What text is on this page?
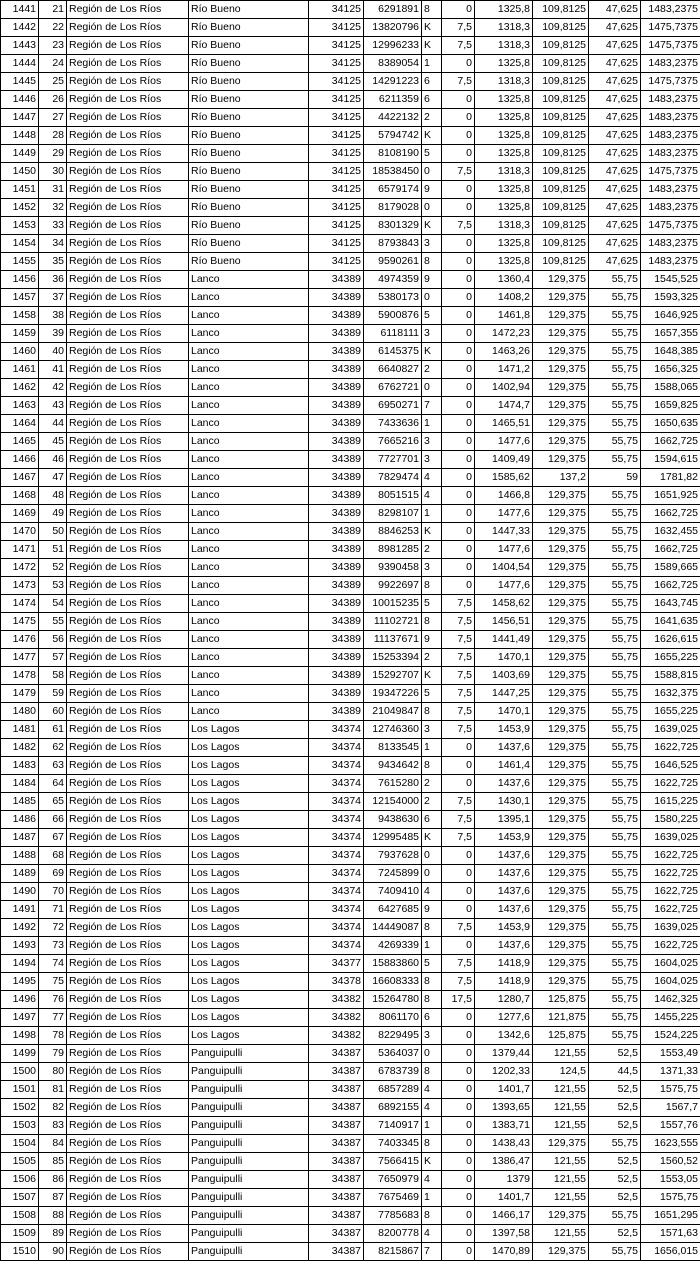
1441	21	Región de Los Ríos	Río Bueno	34125	6291891	8	0	1325,8	109,8125	47,625	1483,2375
1442	22	Región de Los Ríos	Río Bueno	34125	13820796	K	7,5	1318,3	109,8125	47,625	1475,7375
1443	23	Región de Los Ríos	Río Bueno	34125	12996233	K	7,5	1318,3	109,8125	47,625	1475,7375
1444	24	Región de Los Ríos	Río Bueno	34125	8389054	1	0	1325,8	109,8125	47,625	1483,2375
1445	25	Región de Los Ríos	Río Bueno	34125	14291223	6	7,5	1318,3	109,8125	47,625	1475,7375
1446	26	Región de Los Ríos	Río Bueno	34125	6211359	6	0	1325,8	109,8125	47,625	1483,2375
1447	27	Región de Los Ríos	Río Bueno	34125	4422132	2	0	1325,8	109,8125	47,625	1483,2375
1448	28	Región de Los Ríos	Río Bueno	34125	5794742	K	0	1325,8	109,8125	47,625	1483,2375
1449	29	Región de Los Ríos	Río Bueno	34125	8108190	5	0	1325,8	109,8125	47,625	1483,2375
1450	30	Región de Los Ríos	Río Bueno	34125	18538450	0	7,5	1318,3	109,8125	47,625	1475,7375
1451	31	Región de Los Ríos	Río Bueno	34125	6579174	9	0	1325,8	109,8125	47,625	1483,2375
1452	32	Región de Los Ríos	Río Bueno	34125	8179028	0	0	1325,8	109,8125	47,625	1483,2375
1453	33	Región de Los Ríos	Río Bueno	34125	8301329	K	7,5	1318,3	109,8125	47,625	1475,7375
1454	34	Región de Los Ríos	Río Bueno	34125	8793843	3	0	1325,8	109,8125	47,625	1483,2375
1455	35	Región de Los Ríos	Río Bueno	34125	9590261	8	0	1325,8	109,8125	47,625	1483,2375
1456	36	Región de Los Ríos	Lanco	34389	4974359	9	0	1360,4	129,375	55,75	1545,525
1457	37	Región de Los Ríos	Lanco	34389	5380173	0	0	1408,2	129,375	55,75	1593,325
1458	38	Región de Los Ríos	Lanco	34389	5900876	5	0	1461,8	129,375	55,75	1646,925
1459	39	Región de Los Ríos	Lanco	34389	6118111	3	0	1472,23	129,375	55,75	1657,355
1460	40	Región de Los Ríos	Lanco	34389	6145375	K	0	1463,26	129,375	55,75	1648,385
1461	41	Región de Los Ríos	Lanco	34389	6640827	2	0	1471,2	129,375	55,75	1656,325
1462	42	Región de Los Ríos	Lanco	34389	6762721	0	0	1402,94	129,375	55,75	1588,065
1463	43	Región de Los Ríos	Lanco	34389	6950271	7	0	1474,7	129,375	55,75	1659,825
1464	44	Región de Los Ríos	Lanco	34389	7433636	1	0	1465,51	129,375	55,75	1650,635
1465	45	Región de Los Ríos	Lanco	34389	7665216	3	0	1477,6	129,375	55,75	1662,725
1466	46	Región de Los Ríos	Lanco	34389	7727701	3	0	1409,49	129,375	55,75	1594,615
1467	47	Región de Los Ríos	Lanco	34389	7829474	4	0	1585,62	137,2	59	1781,82
1468	48	Región de Los Ríos	Lanco	34389	8051515	4	0	1466,8	129,375	55,75	1651,925
1469	49	Región de Los Ríos	Lanco	34389	8298107	1	0	1477,6	129,375	55,75	1662,725
1470	50	Región de Los Ríos	Lanco	34389	8846253	K	0	1447,33	129,375	55,75	1632,455
1471	51	Región de Los Ríos	Lanco	34389	8981285	2	0	1477,6	129,375	55,75	1662,725
1472	52	Región de Los Ríos	Lanco	34389	9390458	3	0	1404,54	129,375	55,75	1589,665
1473	53	Región de Los Ríos	Lanco	34389	9922697	8	0	1477,6	129,375	55,75	1662,725
1474	54	Región de Los Ríos	Lanco	34389	10015235	5	7,5	1458,62	129,375	55,75	1643,745
1475	55	Región de Los Ríos	Lanco	34389	11102721	8	7,5	1456,51	129,375	55,75	1641,635
1476	56	Región de Los Ríos	Lanco	34389	11137671	9	7,5	1441,49	129,375	55,75	1626,615
1477	57	Región de Los Ríos	Lanco	34389	15253394	2	7,5	1470,1	129,375	55,75	1655,225
1478	58	Región de Los Ríos	Lanco	34389	15292707	K	7,5	1403,69	129,375	55,75	1588,815
1479	59	Región de Los Ríos	Lanco	34389	19347226	5	7,5	1447,25	129,375	55,75	1632,375
1480	60	Región de Los Ríos	Lanco	34389	21049847	8	7,5	1470,1	129,375	55,75	1655,225
1481	61	Región de Los Ríos	Los Lagos	34374	12746360	3	7,5	1453,9	129,375	55,75	1639,025
1482	62	Región de Los Ríos	Los Lagos	34374	8133545	1	0	1437,6	129,375	55,75	1622,725
1483	63	Región de Los Ríos	Los Lagos	34374	9434642	8	0	1461,4	129,375	55,75	1646,525
1484	64	Región de Los Ríos	Los Lagos	34374	7615280	2	0	1437,6	129,375	55,75	1622,725
1485	65	Región de Los Ríos	Los Lagos	34374	12154000	2	7,5	1430,1	129,375	55,75	1615,225
1486	66	Región de Los Ríos	Los Lagos	34374	9438630	6	7,5	1395,1	129,375	55,75	1580,225
1487	67	Región de Los Ríos	Los Lagos	34374	12995485	K	7,5	1453,9	129,375	55,75	1639,025
1488	68	Región de Los Ríos	Los Lagos	34374	7937628	0	0	1437,6	129,375	55,75	1622,725
1489	69	Región de Los Ríos	Los Lagos	34374	7245899	0	0	1437,6	129,375	55,75	1622,725
1490	70	Región de Los Ríos	Los Lagos	34374	7409410	4	0	1437,6	129,375	55,75	1622,725
1491	71	Región de Los Ríos	Los Lagos	34374	6427685	9	0	1437,6	129,375	55,75	1622,725
1492	72	Región de Los Ríos	Los Lagos	34374	14449087	8	7,5	1453,9	129,375	55,75	1639,025
1493	73	Región de Los Ríos	Los Lagos	34374	4269339	1	0	1437,6	129,375	55,75	1622,725
1494	74	Región de Los Ríos	Los Lagos	34377	15883860	5	7,5	1418,9	129,375	55,75	1604,025
1495	75	Región de Los Ríos	Los Lagos	34378	16608333	8	7,5	1418,9	129,375	55,75	1604,025
1496	76	Región de Los Ríos	Los Lagos	34382	15264780	8	17,5	1280,7	125,875	55,75	1462,325
1497	77	Región de Los Ríos	Los Lagos	34382	8061170	6	0	1277,6	121,875	55,75	1455,225
1498	78	Región de Los Ríos	Los Lagos	34382	8229495	3	0	1342,6	125,875	55,75	1524,225
1499	79	Región de Los Ríos	Panguipulli	34387	5364037	0	0	1379,44	121,55	52,5	1553,49
1500	80	Región de Los Ríos	Panguipulli	34387	6783739	8	0	1202,33	124,5	44,5	1371,33
1501	81	Región de Los Ríos	Panguipulli	34387	6857289	4	0	1401,7	121,55	52,5	1575,75
1502	82	Región de Los Ríos	Panguipulli	34387	6892155	4	0	1393,65	121,55	52,5	1567,7
1503	83	Región de Los Ríos	Panguipulli	34387	7140917	1	0	1383,71	121,55	52,5	1557,76
1504	84	Región de Los Ríos	Panguipulli	34387	7403345	8	0	1438,43	129,375	55,75	1623,555
1505	85	Región de Los Ríos	Panguipulli	34387	7566415	K	0	1386,47	121,55	52,5	1560,52
1506	86	Región de Los Ríos	Panguipulli	34387	7650979	4	0	1379	121,55	52,5	1553,05
1507	87	Región de Los Ríos	Panguipulli	34387	7675469	1	0	1401,7	121,55	52,5	1575,75
1508	88	Región de Los Ríos	Panguipulli	34387	7785683	8	0	1466,17	129,375	55,75	1651,295
1509	89	Región de Los Ríos	Panguipulli	34387	8200778	4	0	1397,58	121,55	52,5	1571,63
1510	90	Región de Los Ríos	Panguipulli	34387	8215867	7	0	1470,89	129,375	55,75	1656,015
